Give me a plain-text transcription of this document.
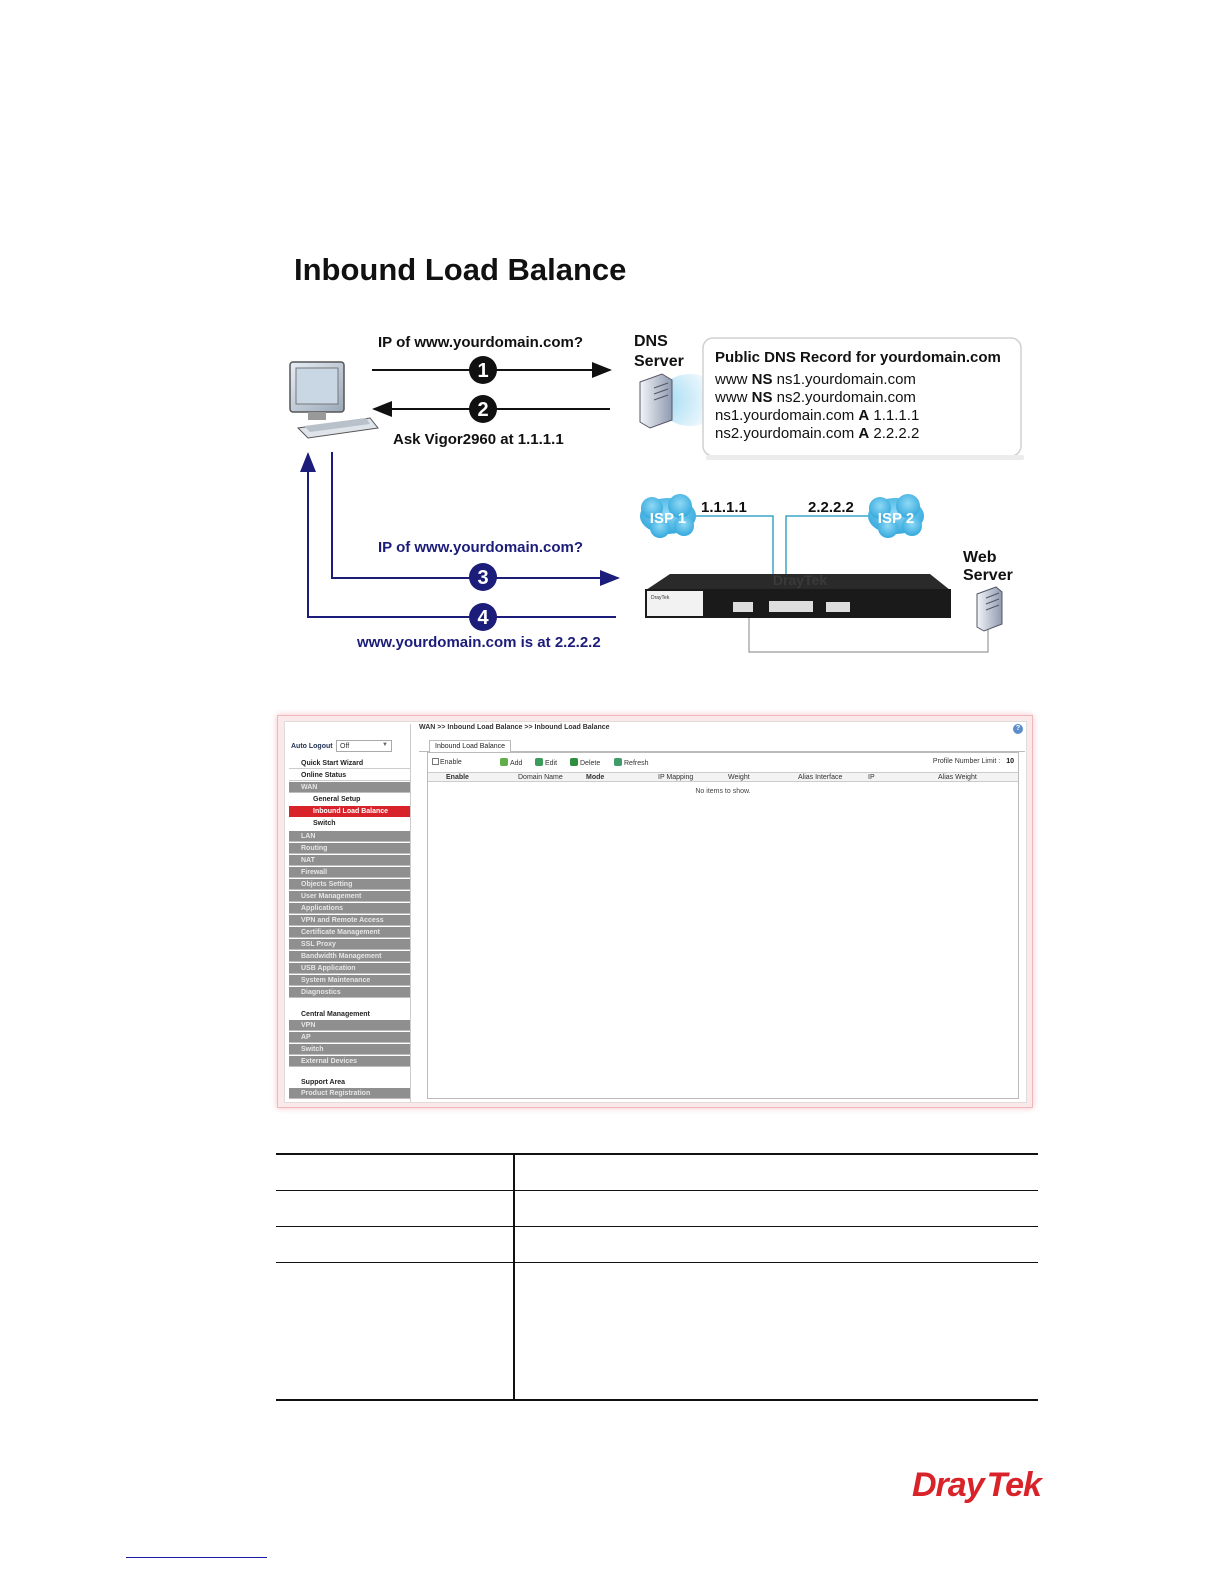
Inbound Load Balance
DNS
Server Public DNS Record for yourdomain.com
www NS ns1.yourdomain.com
www NS ns2.yourdomain.com
ns1.yourdomain.com A 1.1.1.1
ns2.yourdomain.com A 2.2.2.2
IP of www.yourdomain.com?
1
2
Ask Vigor2960 at 1.1.1.1
IP of www.yourdomain.com?
3
4
www.yourdomain.com is at 2.2.2.2
ISP 1	ISP 2
1.1.1.1	2.2.2.2
DrayTek
DrayTek
Web
Server
Auto Logout	Off	▼
Quick Start Wizard
Online Status
WAN
General Setup
Inbound Load Balance
Switch
LAN
Routing
NAT
Firewall
Objects Setting
User Management
Applications
VPN and Remote Access
Certificate Management
SSL Proxy
Bandwidth Management
USB Application
System Maintenance
Diagnostics
Central Management
VPN
AP
Switch
External Devices
Support Area
Product Registration
WAN >> Inbound Load Balance >> Inbound Load Balance	?
Inbound Load Balance
Enable	Add	Edit	Delete	Refresh	Profile Number Limit : 10
Enable	Domain Name	Mode	IP Mapping	Weight	Alias Interface	IP	Alias Weight
No items to show.
DrayTek
